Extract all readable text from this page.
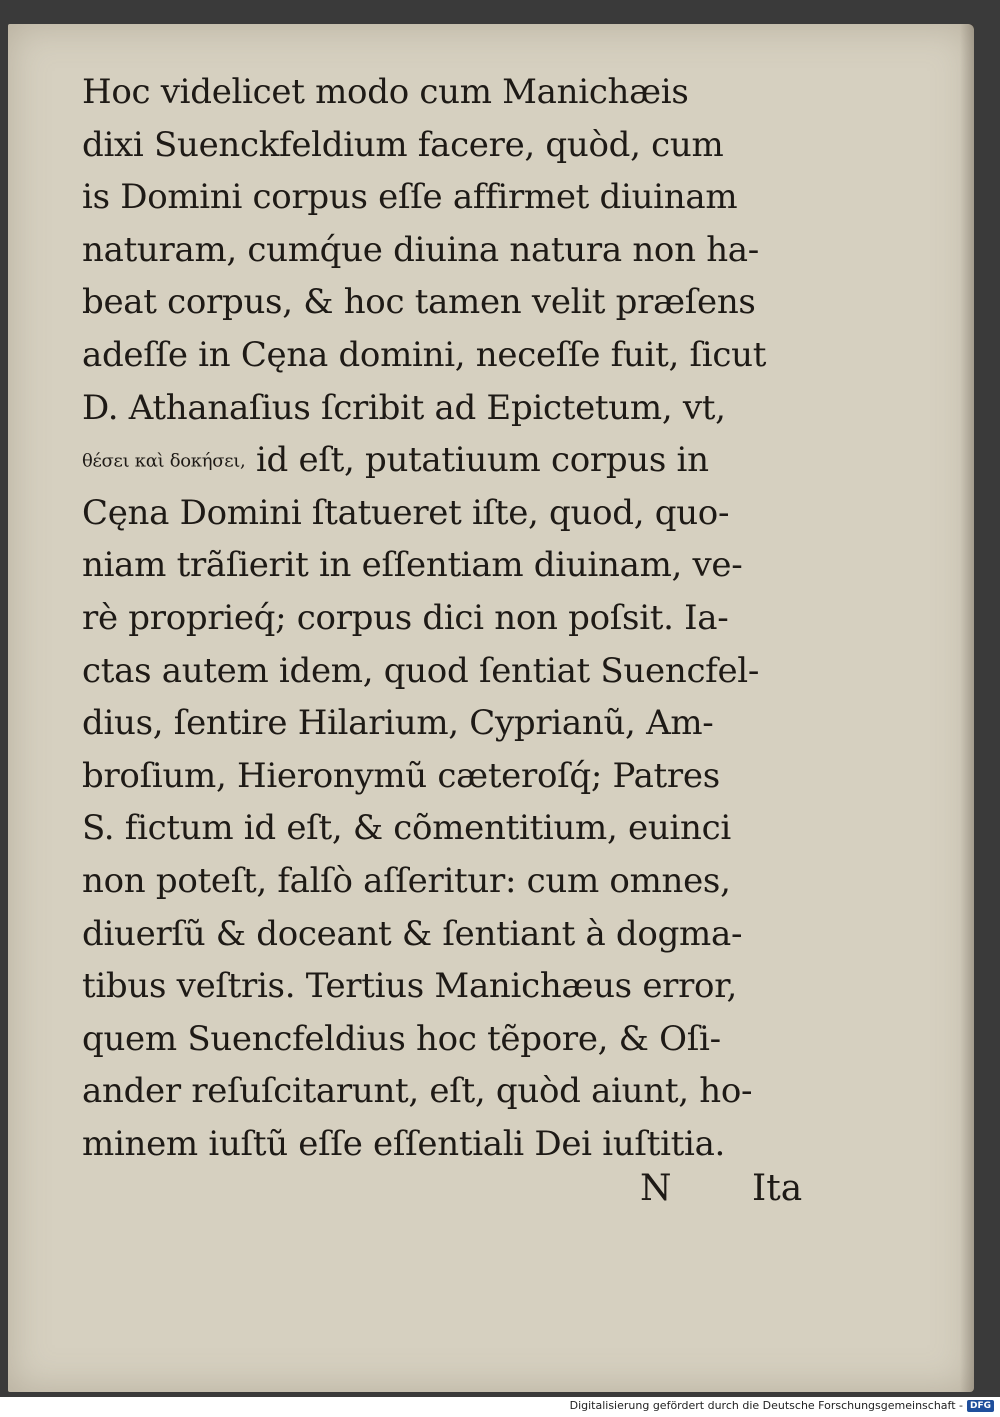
Hoc videlicet modo cum Manichæis
dixi Suenckfeldium facere, quòd, cum
is Domini corpus eſſe affirmet diuinam
naturam, cumq́ue diuina natura non ha-
beat corpus, & hoc tamen velit præſens
adeſſe in Cęna domini, neceſſe fuit, ſicut
D. Athanaſius ſcribit ad Epictetum, vt,
θέσει καὶ δοκήσει, id eſt, putatiuum corpus in
Cęna Domini ſtatueret iſte, quod, quo-
niam trãſierit in eſſentiam diuinam, ve-
rè proprieq́; corpus dici non poſsit. Ia-
ctas autem idem, quod ſentiat Suencfel-
dius, ſentire Hilarium, Cyprianũ, Am-
broſium, Hieronymũ cæteroſq́; Patres
S. fictum id eſt, & cõmentitium, euinci
non poteſt, falſò aſſeritur: cum omnes,
diuerſũ & doceant & ſentiant à dogma-
tibus veſtris. Tertius Manichæus error,
quem Suencfeldius hoc tẽpore, & Oſi-
ander reſuſcitarunt, eſt, quòd aiunt, ho-
minem iuſtũ eſſe eſſentiali Dei iuſtitia.
N Ita
Digitalisierung gefördert durch die Deutsche Forschungsgemeinschaft - DFG
